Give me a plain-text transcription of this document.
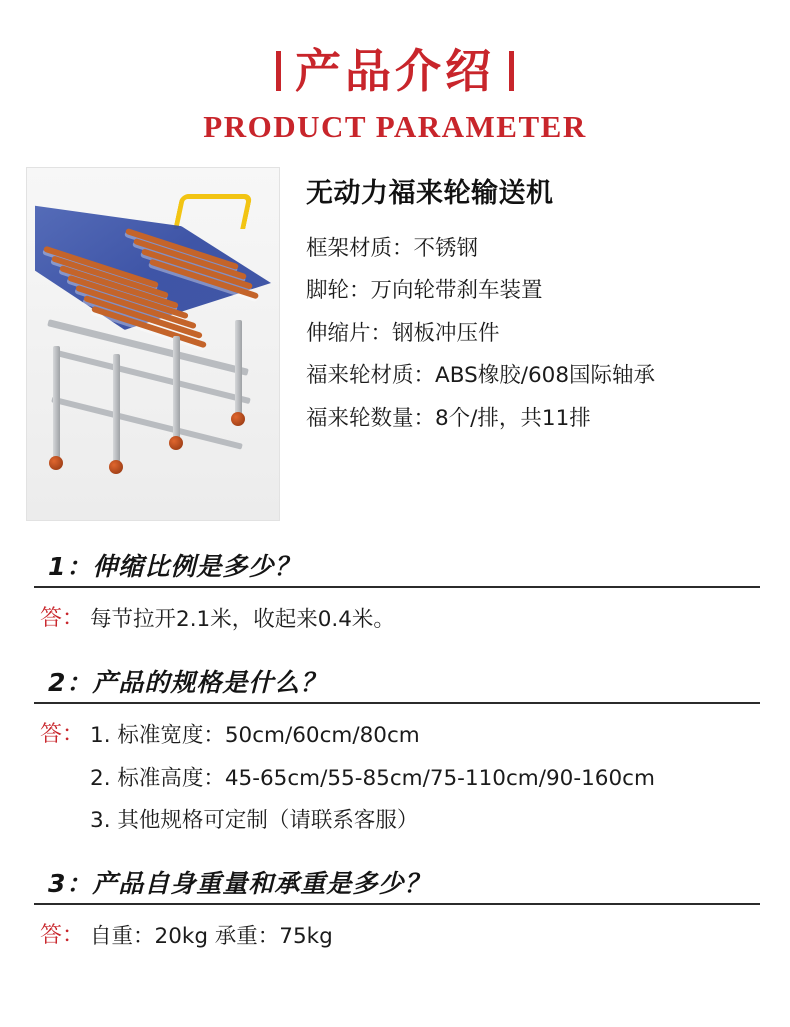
产品介绍
PRODUCT PARAMETER
无动力福来轮输送机
框架材质：不锈钢
脚轮：万向轮带刹车装置
伸缩片：钢板冲压件
福来轮材质：ABS橡胶/608国际轴承
福来轮数量：8个/排，共11排
1：伸缩比例是多少？
答： 每节拉开2.1米，收起来0.4米。
2：产品的规格是什么？
答： 1. 标准宽度：50cm/60cm/80cm
2. 标准高度：45-65cm/55-85cm/75-110cm/90-160cm
3. 其他规格可定制（请联系客服）
3：产品自身重量和承重是多少？
答： 自重：20kg 承重：75kg
